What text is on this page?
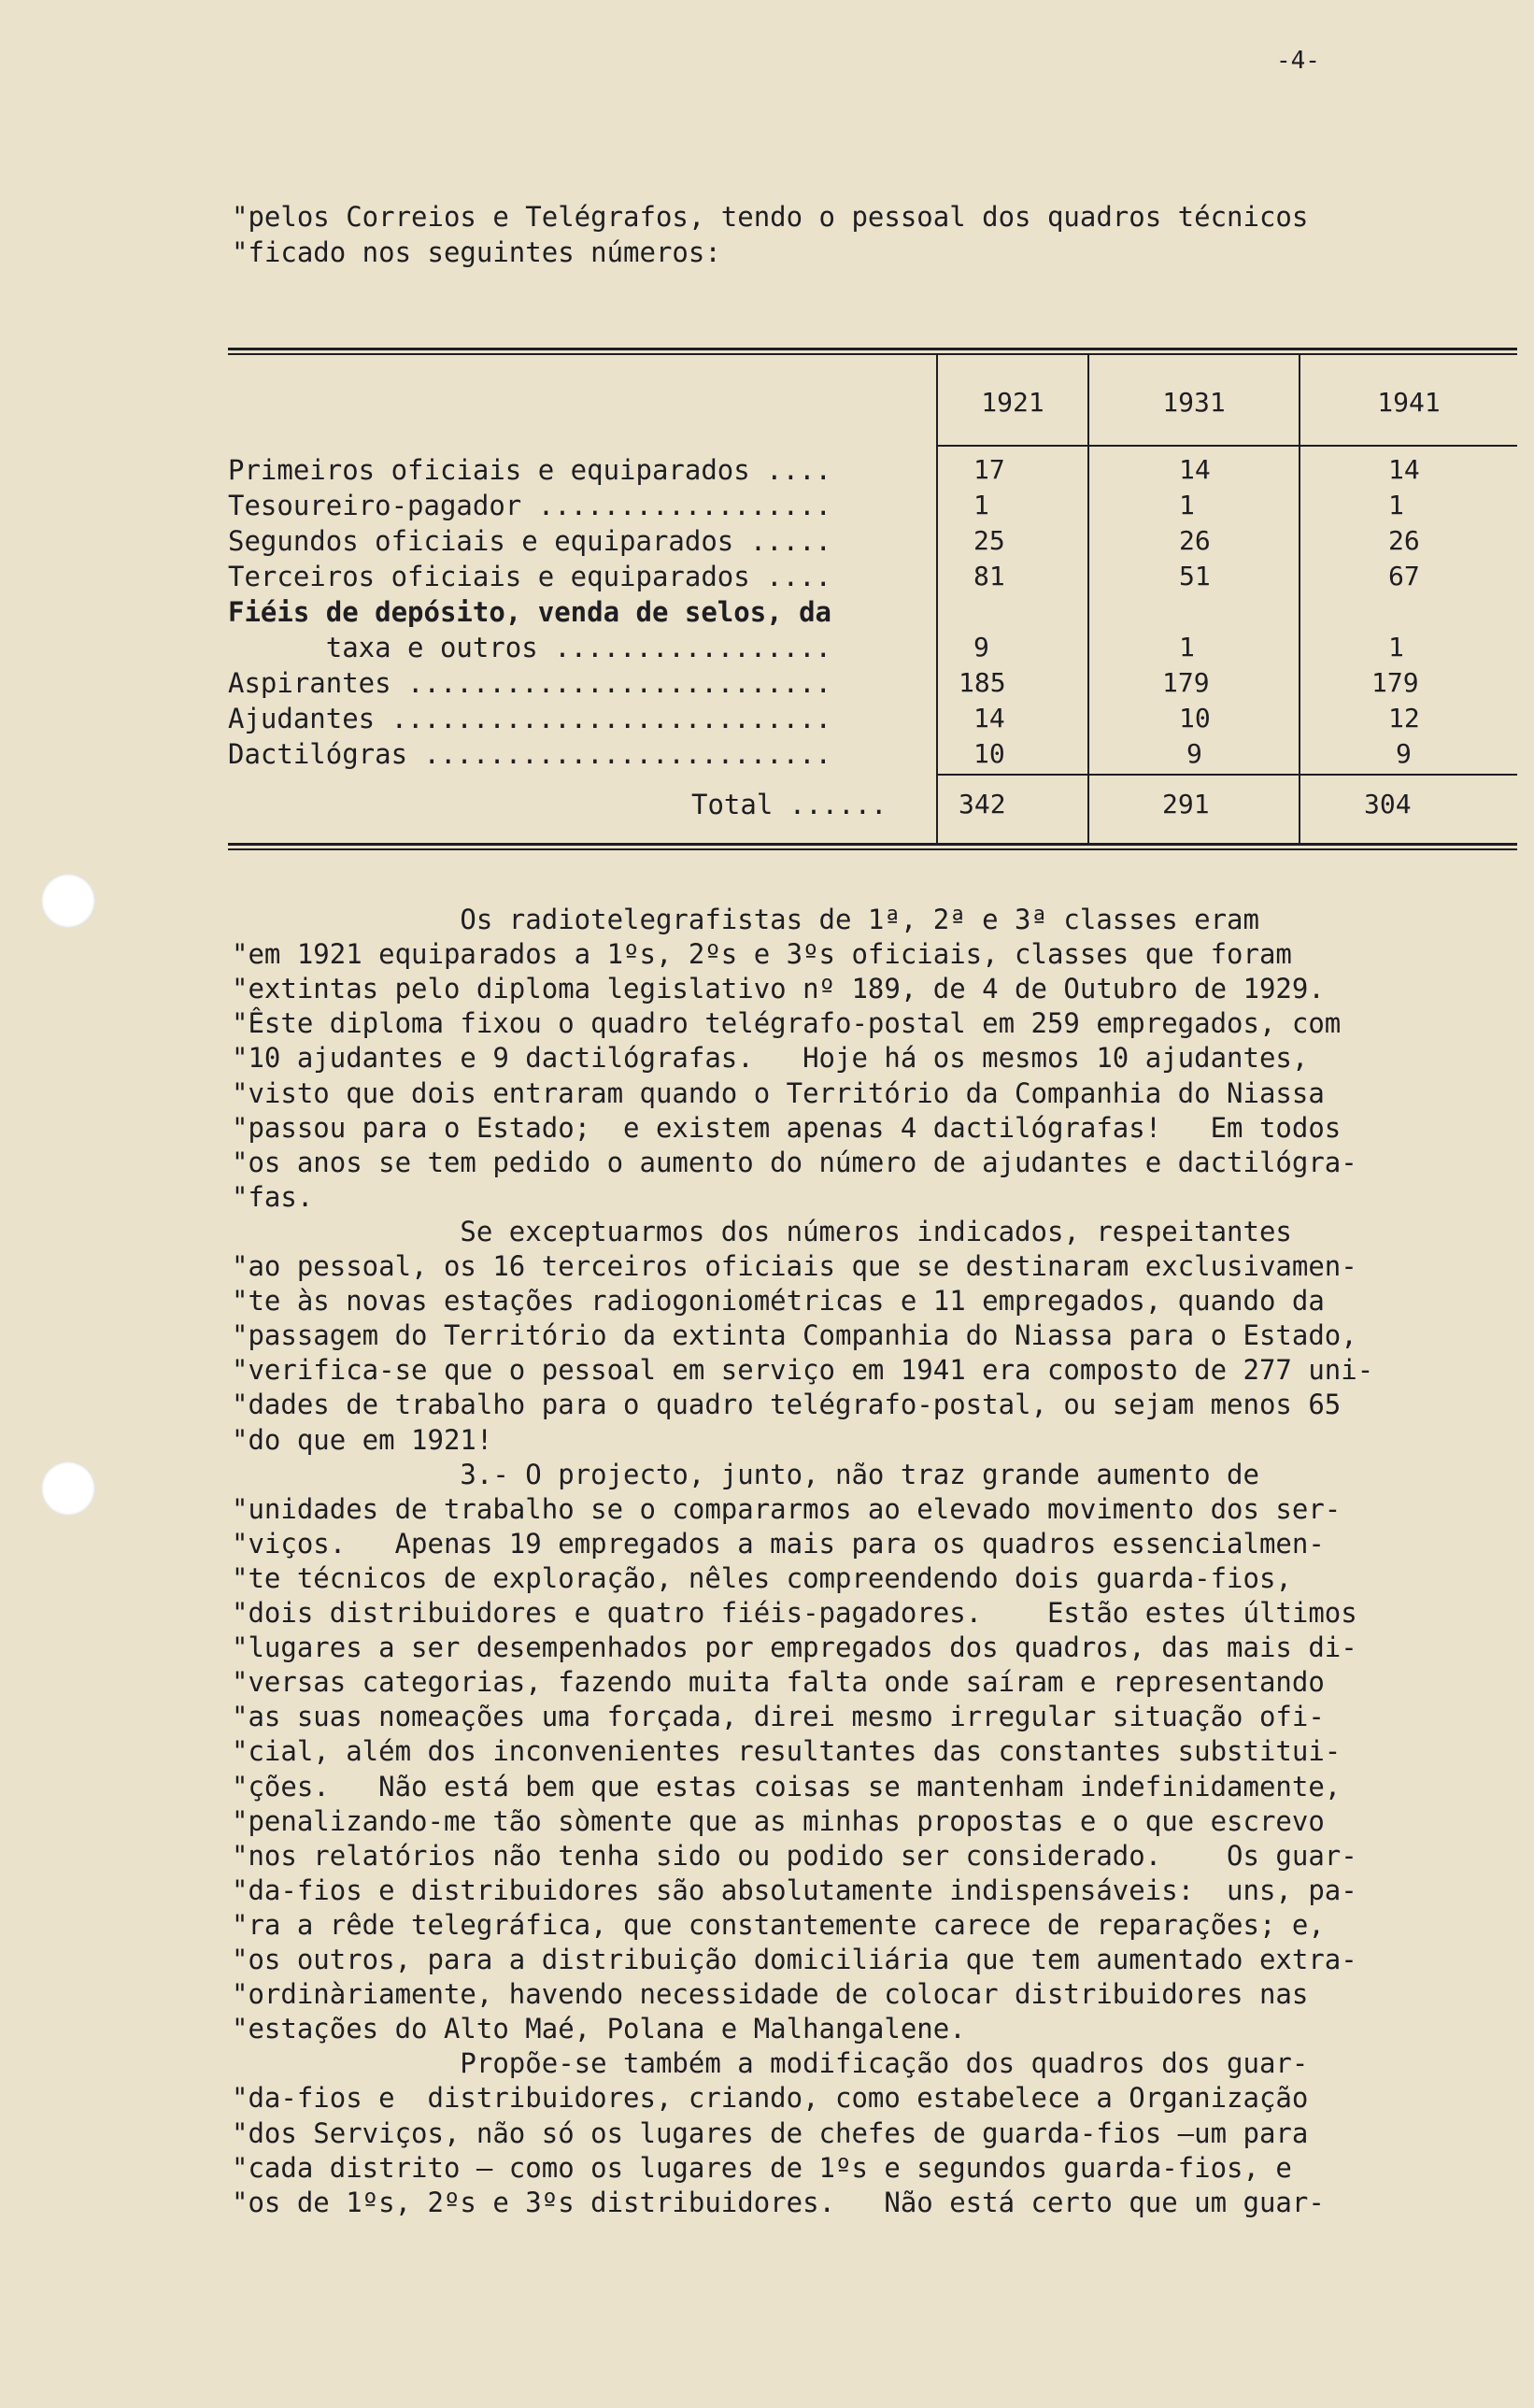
-4-
"pelos Correios e Telégrafos, tendo o pessoal dos quadros técnicos
"ficado nos seguintes números:
1921	1931	1941
Primeiros oficiais e equiparados ....	17	14	14
Tesoureiro-pagador ..................	1	1	1
Segundos oficiais e equiparados .....	25	26	26
Terceiros oficiais e equiparados ....	81	51	67
Fiéis de depósito, venda de selos, da
taxa e outros .................	9	1	1
Aspirantes ..........................	185	179	179
Ajudantes ...........................	14	10	12
Dactilógras .........................	10	9	9
Total ......	342	291	304
Os radiotelegrafistas de 1ª, 2ª e 3ª classes eram
"em 1921 equiparados a 1ºs, 2ºs e 3ºs oficiais, classes que foram
"extintas pelo diploma legislativo nº 189, de 4 de Outubro de 1929.
"Êste diploma fixou o quadro telégrafo-postal em 259 empregados, com
"10 ajudantes e 9 dactilógrafas.   Hoje há os mesmos 10 ajudantes,
"visto que dois entraram quando o Território da Companhia do Niassa
"passou para o Estado;  e existem apenas 4 dactilógrafas!   Em todos
"os anos se tem pedido o aumento do número de ajudantes e dactilógra-
"fas.
Se exceptuarmos dos números indicados, respeitantes
"ao pessoal, os 16 terceiros oficiais que se destinaram exclusivamen-
"te às novas estações radiogoniométricas e 11 empregados, quando da
"passagem do Território da extinta Companhia do Niassa para o Estado,
"verifica-se que o pessoal em serviço em 1941 era composto de 277 uni-
"dades de trabalho para o quadro telégrafo-postal, ou sejam menos 65
"do que em 1921!
3.- O projecto, junto, não traz grande aumento de
"unidades de trabalho se o compararmos ao elevado movimento dos ser-
"viços.   Apenas 19 empregados a mais para os quadros essencialmen-
"te técnicos de exploração, nêles compreendendo dois guarda-fios,
"dois distribuidores e quatro fiéis-pagadores.    Estão estes últimos
"lugares a ser desempenhados por empregados dos quadros, das mais di-
"versas categorias, fazendo muita falta onde saíram e representando
"as suas nomeações uma forçada, direi mesmo irregular situação ofi-
"cial, além dos inconvenientes resultantes das constantes substitui-
"ções.   Não está bem que estas coisas se mantenham indefinidamente,
"penalizando-me tão sòmente que as minhas propostas e o que escrevo
"nos relatórios não tenha sido ou podido ser considerado.    Os guar-
"da-fios e distribuidores são absolutamente indispensáveis:  uns, pa-
"ra a rêde telegráfica, que constantemente carece de reparações; e,
"os outros, para a distribuição domiciliária que tem aumentado extra-
"ordinàriamente, havendo necessidade de colocar distribuidores nas
"estações do Alto Maé, Polana e Malhangalene.
Propõe-se também a modificação dos quadros dos guar-
"da-fios e  distribuidores, criando, como estabelece a Organização
"dos Serviços, não só os lugares de chefes de guarda-fios —um para
"cada distrito — como os lugares de 1ºs e segundos guarda-fios, e
"os de 1ºs, 2ºs e 3ºs distribuidores.   Não está certo que um guar-
